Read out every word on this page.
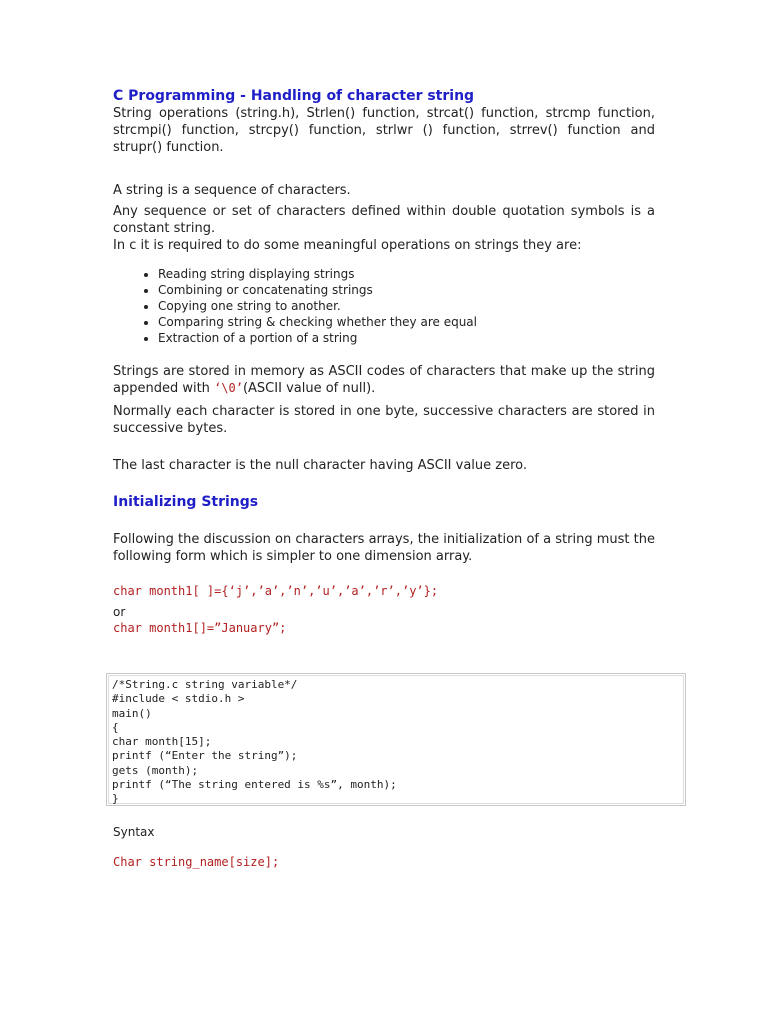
C Programming - Handling of character string

String operations (string.h), Strlen() function, strcat() function, strcmp function, strcmpi() function, strcpy() function, strlwr () function, strrev() function and strupr() function.

A string is a sequence of characters.

Any sequence or set of characters defined within double quotation symbols is a constant string.

In c it is required to do some meaningful operations on strings they are:

• Reading string displaying strings
• Combining or concatenating strings
• Copying one string to another.
• Comparing string & checking whether they are equal
• Extraction of a portion of a string

Strings are stored in memory as ASCII codes of characters that make up the string appended with ‘\0’(ASCII value of null).

Normally each character is stored in one byte, successive characters are stored in successive bytes.

The last character is the null character having ASCII value zero.

Initializing Strings

Following the discussion on characters arrays, the initialization of a string must the following form which is simpler to one dimension array.

char month1[ ]={‘j’,’a’,’n’,’u’,’a’,’r’,’y’};

or

char month1[]=”January”;

/*String.c string variable*/

#include < stdio.h >

main()

{

char month[15];

printf (“Enter the string”);

gets (month);

printf (“The string entered is %s”, month);

}

Syntax

Char string_name[size];
